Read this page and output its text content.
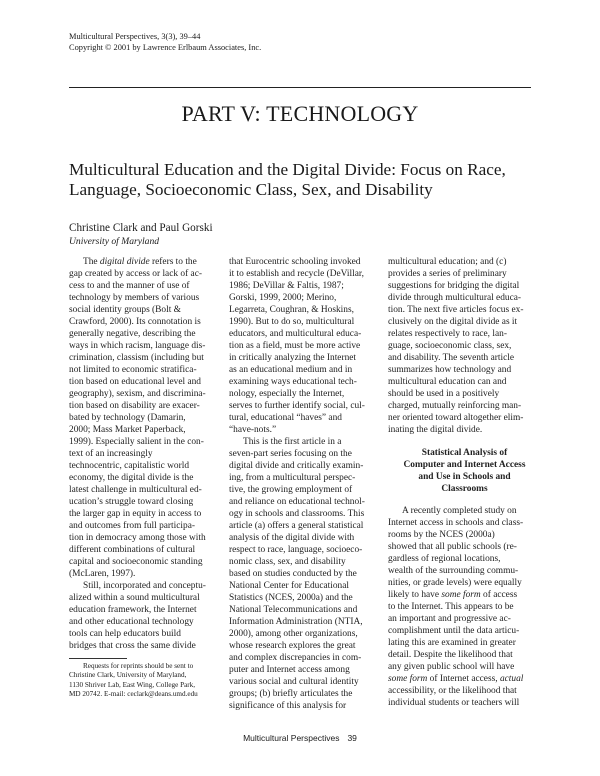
Multicultural Perspectives, 3(3), 39–44
Copyright © 2001 by Lawrence Erlbaum Associates, Inc.
PART V: TECHNOLOGY
Multicultural Education and the Digital Divide: Focus on Race,
Language, Socioeconomic Class, Sex, and Disability
Christine Clark and Paul Gorski
University of Maryland
The digital divide refers to the
gap created by access or lack of ac-
cess to and the manner of use of
technology by members of various
social identity groups (Bolt &
Crawford, 2000). Its connotation is
generally negative, describing the
ways in which racism, language dis-
crimination, classism (including but
not limited to economic stratifica-
tion based on educational level and
geography), sexism, and discrimina-
tion based on disability are exacer-
bated by technology (Damarin,
2000; Mass Market Paperback,
1999). Especially salient in the con-
text of an increasingly
technocentric, capitalistic world
economy, the digital divide is the
latest challenge in multicultural ed-
ucation’s struggle toward closing
the larger gap in equity in access to
and outcomes from full participa-
tion in democracy among those with
different combinations of cultural
capital and socioeconomic standing
(McLaren, 1997).
Still, incorporated and conceptu-
alized within a sound multicultural
education framework, the Internet
and other educational technology
tools can help educators build
bridges that cross the same divide
that Eurocentric schooling invoked
it to establish and recycle (DeVillar,
1986; DeVillar & Faltis, 1987;
Gorski, 1999, 2000; Merino,
Legarreta, Coughran, & Hoskins,
1990). But to do so, multicultural
educators, and multicultural educa-
tion as a field, must be more active
in critically analyzing the Internet
as an educational medium and in
examining ways educational tech-
nology, especially the Internet,
serves to further identify social, cul-
tural, educational “haves” and
“have-nots.”
This is the first article in a
seven-part series focusing on the
digital divide and critically examin-
ing, from a multicultural perspec-
tive, the growing employment of
and reliance on educational technol-
ogy in schools and classrooms. This
article (a) offers a general statistical
analysis of the digital divide with
respect to race, language, socioeco-
nomic class, sex, and disability
based on studies conducted by the
National Center for Educational
Statistics (NCES, 2000a) and the
National Telecommunications and
Information Administration (NTIA,
2000), among other organizations,
whose research explores the great
and complex discrepancies in com-
puter and Internet access among
various social and cultural identity
groups; (b) briefly articulates the
significance of this analysis for
multicultural education; and (c)
provides a series of preliminary
suggestions for bridging the digital
divide through multicultural educa-
tion. The next five articles focus ex-
clusively on the digital divide as it
relates respectively to race, lan-
guage, socioeconomic class, sex,
and disability. The seventh article
summarizes how technology and
multicultural education can and
should be used in a positively
charged, mutually reinforcing man-
ner oriented toward altogether elim-
inating the digital divide.
Statistical Analysis of
Computer and Internet Access
and Use in Schools and
Classrooms
A recently completed study on
Internet access in schools and class-
rooms by the NCES (2000a)
showed that all public schools (re-
gardless of regional locations,
wealth of the surrounding commu-
nities, or grade levels) were equally
likely to have some form of access
to the Internet. This appears to be
an important and progressive ac-
complishment until the data articu-
lating this are examined in greater
detail. Despite the likelihood that
any given public school will have
some form of Internet access, actual
accessibility, or the likelihood that
individual students or teachers will
Requests for reprints should be sent to
Christine Clark, University of Maryland,
1130 Shriver Lab, East Wing, College Park,
MD 20742. E-mail: ceclark@deans.umd.edu
Multicultural Perspectives 39
